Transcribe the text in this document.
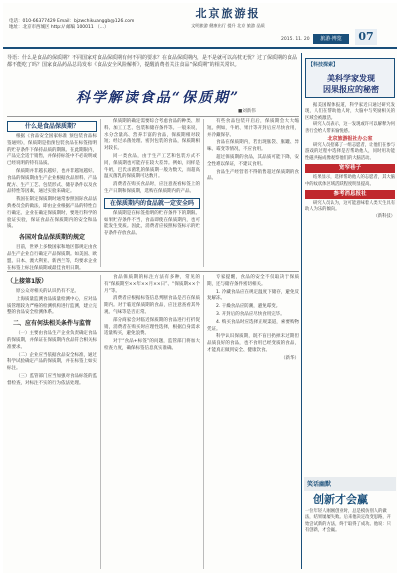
电话：010-66377429 Email：bjzwchikuanggb@126.com
地址：北京市西城区 http:// 邮编 100011 （…）
北京旅游报
文明旅游 健康出行 提升 北京 旅游 品质
2015. 11. 20	旅游·博览	07
导语：什么是食品的保质期？不同国家对食品保质期有何不同的要求？在食品保质期内，是不是就可以高枕无忧？过了保质期的食品都不能吃了吗？国家食品药品总局发布《食品安全风险解析》，提醒消费者关注食品“保质期”的相关常识。
科学解读食品“保质期”
■刘新伟
什么是食品保质期？

根据《食品安全国家标准 预包装食品标签通则》，保质期是指预包装食品在标签指明的贮存条件下保持品质的期限。在此期限内，产品完全适于销售，并保持标签中不必说明或已经说明的特有品质。

保质期并非越长越好，也并非越短越好。食品的保质期由生产企业根据食品原料、产品配方、生产工艺、包装形式、储存条件以及食品特性等因素，通过实验来确定。

我国在制定保质期时通常参照国际食品法典委员会的做法，即由企业根据产品的特性自行确定。企业在确定保质期时，要进行科学的验证实验，保证食品在保质期内的安全和品质。

各国对食品保质期的规定

目前，世界上多数国家和地区都规定由食品生产企业自行确定产品保质期。如美国、欧盟、日本、澳大利亚、新西兰等，均要求企业在标签上标注保质期或最佳食用日期。

保质期的确定需要综合考虑食品的种类、原料、加工工艺、包装和储存条件等。一般来说，水分含量高、营养丰富的食品，保质期相对较短；经过杀菌处理、密封包装的食品，保质期相对较长。

同一类食品，由于生产工艺和包装方式不同，保质期也可能存在较大差异。例如，同样是牛奶，巴氏杀菌乳的保质期一般为数天，而超高温灭菌乳的保质期可达数月。

消费者在购买食品时，应注意查看标签上的生产日期和保质期，选购在保质期内的产品。

在保质期内的食品就一定安全吗

保质期是在标签指明的贮存条件下的期限。如果贮存条件不当，食品即使在保质期内，也可能发生变质。因此，消费者应按照标签标示的贮存条件存放食品。

有些食品包装开启后，保质期会大大缩短。例如，牛奶、果汁等开封后应尽快食用，并冷藏保存。

食品在保质期内，若出现胀袋、胀罐、异味、霉变等情况，不应食用。

超过保质期的食品，其品质可能下降，安全性难以保证，不建议食用。

食品生产经营者不得销售超过保质期的食品。

（上接第1版）

原公众对相关的认识仍有不足。

上海质量监测食品质量检测中心，应对品质管理较为严格的检测机构进行监测，建立完整的食品安全检测体系。

二、应有何法相关条件与监管

（一）主要由食品生产企业负责确定食品的保质期，并保证在保质期内食品符合相关标准要求。

（二）企业应当依据食品安全标准，通过科学试验确定产品的保质期，并在标签上如实标注。

（三）监管部门应当加强对食品标签的监督检查，对标注不实的行为依法处理。

食品保质期的标注方法有多种，常见的有“保质期至××年××月××日”、“保质期××个月”等。

消费者应根据标签信息判断食品是否在保质期内。对于临近保质期的食品，应注意查看其外观、气味等是否正常。

部分商家会对临近保质期的食品进行打折促销，消费者在购买时应理性选择，根据自身需求适量购买，避免浪费。

对于“食品+标签”的问题，监管部门将加大检查力度，确保标签信息真实准确。

专家提醒，食品的安全不仅取决于保质期，还与储存条件密切相关。

1. 冷藏食品应在规定温度下储存，避免反复解冻。

2. 干燥食品应防潮，避免霉变。

3. 开封后的食品应尽快食用完毕。

4. 购买食品时应选择正规渠道，索要购物凭证。

科学认识保质期，既不盲目扔掉未过期但品质良好的食品，也不食用已经变质的食品，才能真正做到安全、健康饮食。

（新华）
【科技探索】
美科学家发现
因果报应的秘密

据美国媒体报道，科学家近日通过研究发现，人们在帮助他人时，大脑中与奖励相关的区域会被激活。

研究人员表示，这一发现或许可以解释为何善行会给人带来愉悦感。

北京旅游报社办公室

研究人员招募了一组志愿者，让他们在参与游戏的过程中选择是否帮助他人，同时用功能性磁共振成像观察他们的大脑活动。

宽窄巷子

结果显示，选择帮助他人的志愿者，其大脑中的纹状体区域活跃程度明显提高。

参考消息报社

研究人员认为，这可能意味着人类天生具有助人为乐的倾向。

（新科技）
笑话幽默
创新才会赢
一位年轻人刚刚创业时，总是模仿别人的做法，结果屡屡失败。后来他决定改变思路，开始尝试新的方法，终于取得了成功。他说：只有创新，才会赢。
